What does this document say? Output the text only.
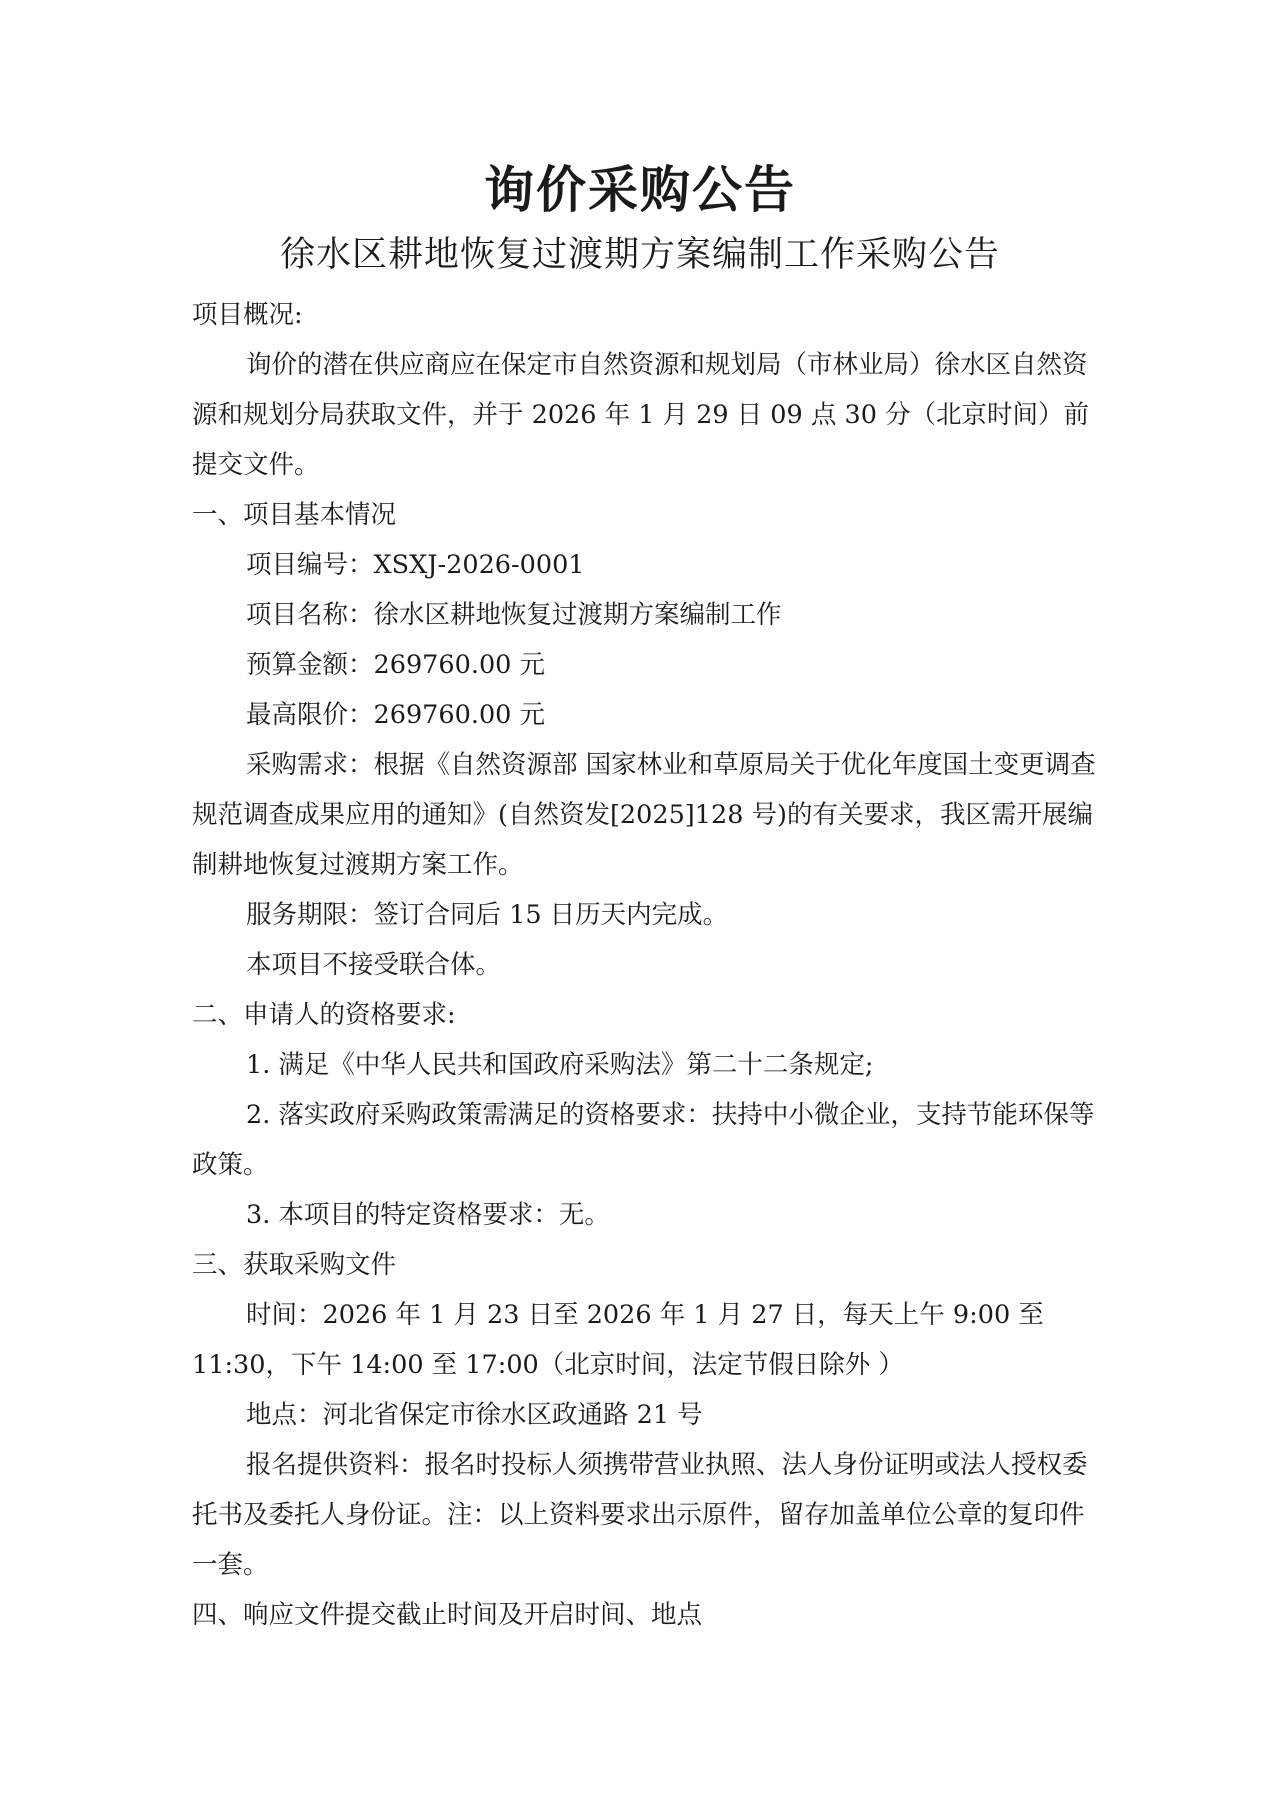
询价采购公告
徐水区耕地恢复过渡期方案编制工作采购公告

项目概况:

询价的潜在供应商应在保定市自然资源和规划局（市林业局）徐水区自然资源和规划分局获取文件，并于 2026 年 1 月 29 日 09 点 30 分（北京时间）前提交文件。

一、项目基本情况

项目编号：XSXJ-2026-0001

项目名称：徐水区耕地恢复过渡期方案编制工作

预算金额：269760.00 元

最高限价：269760.00 元

采购需求：根据《自然资源部 国家林业和草原局关于优化年度国土变更调查规范调查成果应用的通知》(自然资发[2025]128 号)的有关要求，我区需开展编制耕地恢复过渡期方案工作。

服务期限：签订合同后 15 日历天内完成。

本项目不接受联合体。

二、申请人的资格要求:

1. 满足《中华人民共和国政府采购法》第二十二条规定;

2. 落实政府采购政策需满足的资格要求：扶持中小微企业，支持节能环保等政策。

3. 本项目的特定资格要求：无。

三、获取采购文件

时间：2026 年 1 月 23 日至 2026 年 1 月 27 日，每天上午 9:00 至 11:30，下午 14:00 至 17:00（北京时间，法定节假日除外 ）

地点：河北省保定市徐水区政通路 21 号

报名提供资料：报名时投标人须携带营业执照、法人身份证明或法人授权委托书及委托人身份证。注：以上资料要求出示原件，留存加盖单位公章的复印件一套。

四、响应文件提交截止时间及开启时间、地点
